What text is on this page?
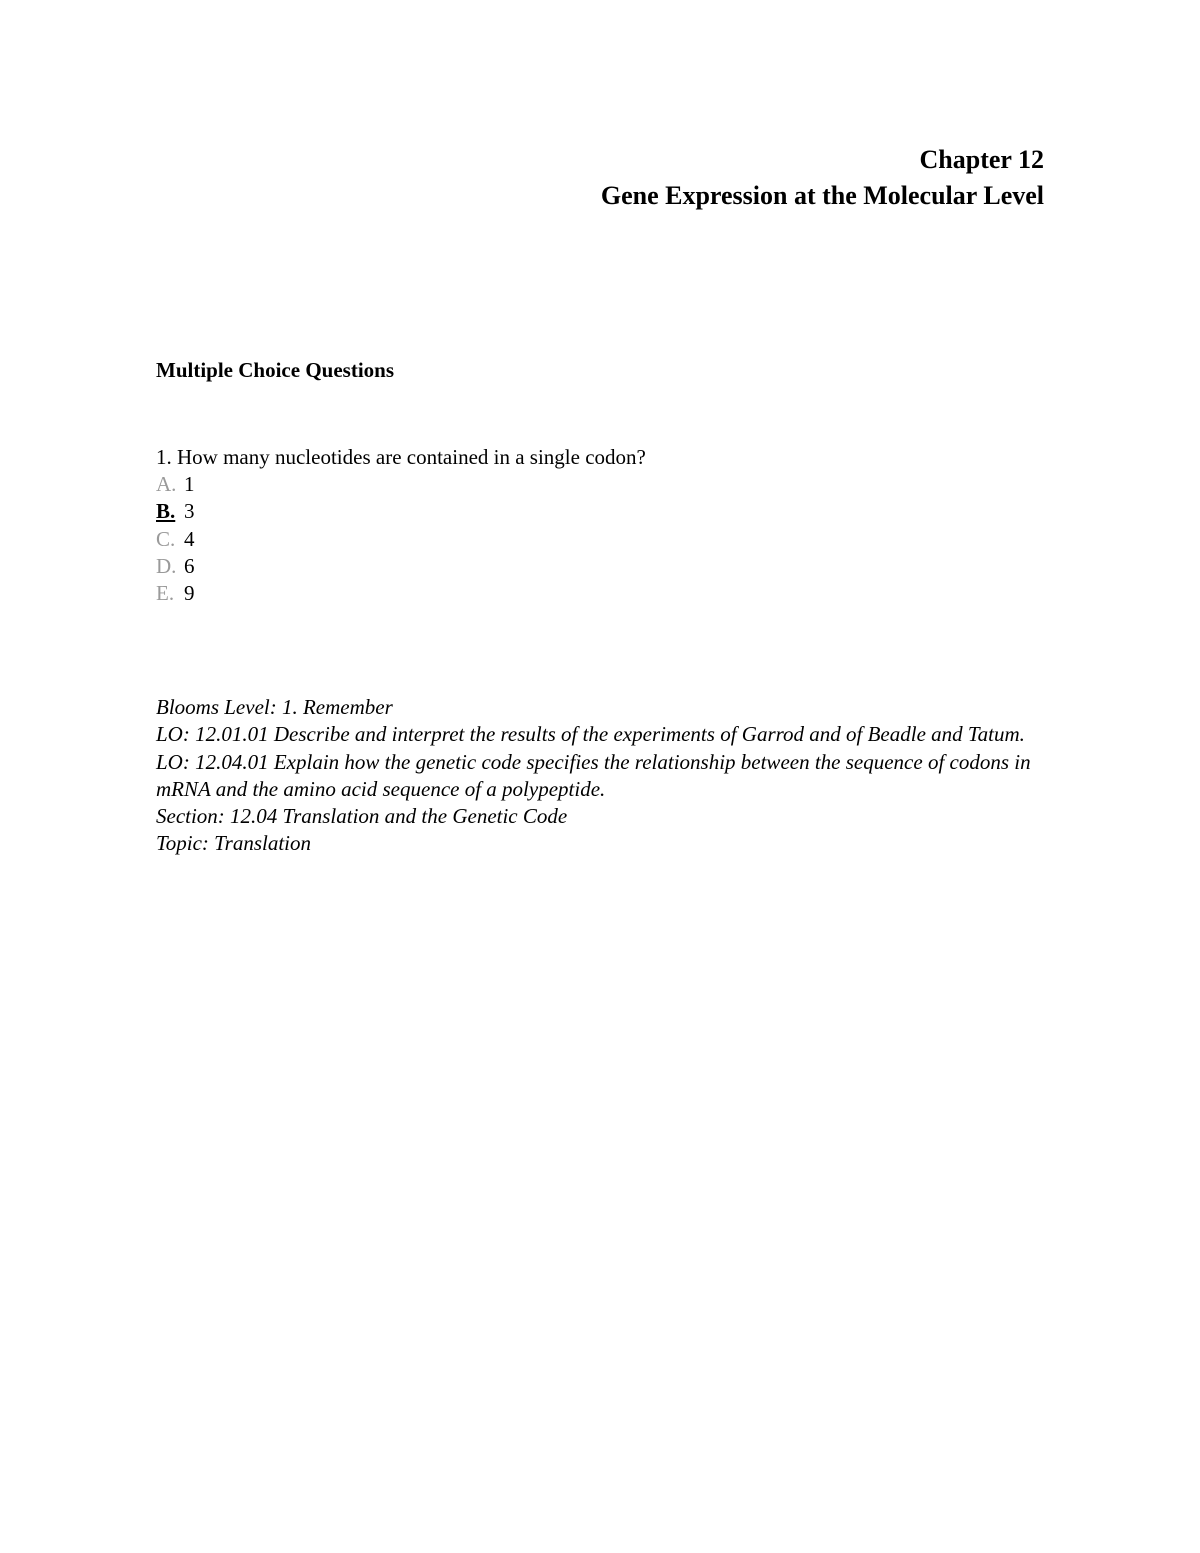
Chapter 12
Gene Expression at the Molecular Level
Multiple Choice Questions
1. How many nucleotides are contained in a single codon?
A. 1
B. 3
C. 4
D. 6
E. 9

Blooms Level: 1. Remember

LO: 12.01.01 Describe and interpret the results of the experiments of Garrod and of Beadle and Tatum.

LO: 12.04.01 Explain how the genetic code specifies the relationship between the sequence of codons in mRNA and the amino acid sequence of a polypeptide.

Section: 12.04 Translation and the Genetic Code

Topic: Translation
